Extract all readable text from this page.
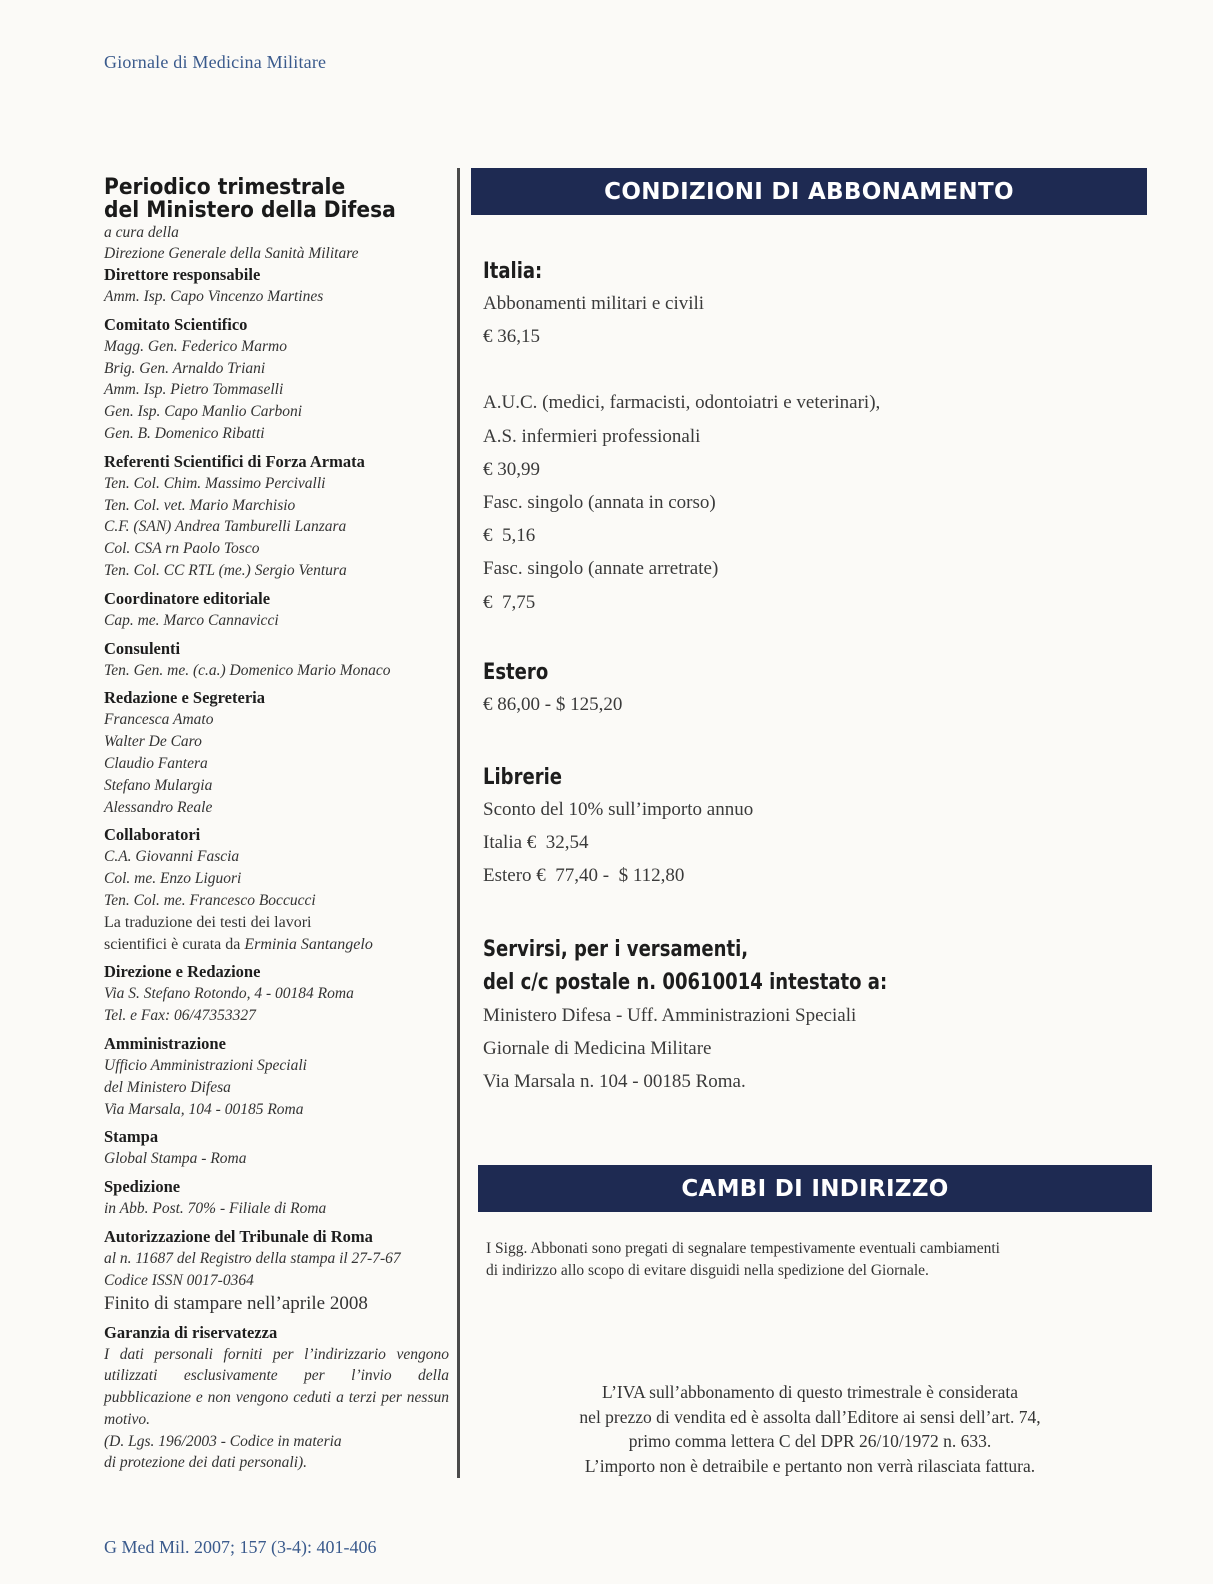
Giornale di Medicina Militare
Periodico trimestrale
del Ministero della Difesa
a cura della
Direzione Generale della Sanità Militare
Direttore responsabile
Amm. Isp. Capo Vincenzo Martines
Comitato Scientifico
Magg. Gen. Federico Marmo
Brig. Gen. Arnaldo Triani
Amm. Isp. Pietro Tommaselli
Gen. Isp. Capo Manlio Carboni
Gen. B. Domenico Ribatti
Referenti Scientifici di Forza Armata
Ten. Col. Chim. Massimo Percivalli
Ten. Col. vet. Mario Marchisio
C.F. (SAN) Andrea Tamburelli Lanzara
Col. CSA rn Paolo Tosco
Ten. Col. CC RTL (me.) Sergio Ventura
Coordinatore editoriale
Cap. me. Marco Cannavicci
Consulenti
Ten. Gen. me. (c.a.) Domenico Mario Monaco
Redazione e Segreteria
Francesca Amato
Walter De Caro
Claudio Fantera
Stefano Mulargia
Alessandro Reale
Collaboratori
C.A. Giovanni Fascia
Col. me. Enzo Liguori
Ten. Col. me. Francesco Boccucci
La traduzione dei testi dei lavori
scientifici è curata da Erminia Santangelo
Direzione e Redazione
Via S. Stefano Rotondo, 4 - 00184 Roma
Tel. e Fax: 06/47353327
Amministrazione
Ufficio Amministrazioni Speciali
del Ministero Difesa
Via Marsala, 104 - 00185 Roma
Stampa
Global Stampa - Roma
Spedizione
in Abb. Post. 70% - Filiale di Roma
Autorizzazione del Tribunale di Roma
al n. 11687 del Registro della stampa il 27-7-67
Codice ISSN 0017-0364
Finito di stampare nell’aprile 2008
Garanzia di riservatezza
I dati personali forniti per l’indirizzario vengono utilizzati esclusivamente per l’invio della pubblicazione e non vengono ceduti a terzi per nessun motivo.
(D. Lgs. 196/2003 - Codice in materia
di protezione dei dati personali).
CONDIZIONI DI ABBONAMENTO
Italia:
Abbonamenti militari e civili
€ 36,15
A.U.C. (medici, farmacisti, odontoiatri e veterinari),
A.S. infermieri professionali
€ 30,99
Fasc. singolo (annata in corso)
€  5,16
Fasc. singolo (annate arretrate)
€  7,75
Estero
€ 86,00 - $ 125,20
Librerie
Sconto del 10% sull’importo annuo
Italia €  32,54
Estero €  77,40 -  $ 112,80
Servirsi, per i versamenti,
del c/c postale n. 00610014 intestato a:
Ministero Difesa - Uff. Amministrazioni Speciali
Giornale di Medicina Militare
Via Marsala n. 104 - 00185 Roma.
CAMBI DI INDIRIZZO
I Sigg. Abbonati sono pregati di segnalare tempestivamente eventuali cambiamenti
di indirizzo allo scopo di evitare disguidi nella spedizione del Giornale.
L’IVA sull’abbonamento di questo trimestrale è considerata
nel prezzo di vendita ed è assolta dall’Editore ai sensi dell’art. 74,
primo comma lettera C del DPR 26/10/1972 n. 633.
L’importo non è detraibile e pertanto non verrà rilasciata fattura.
G Med Mil. 2007; 157 (3-4): 401-406
